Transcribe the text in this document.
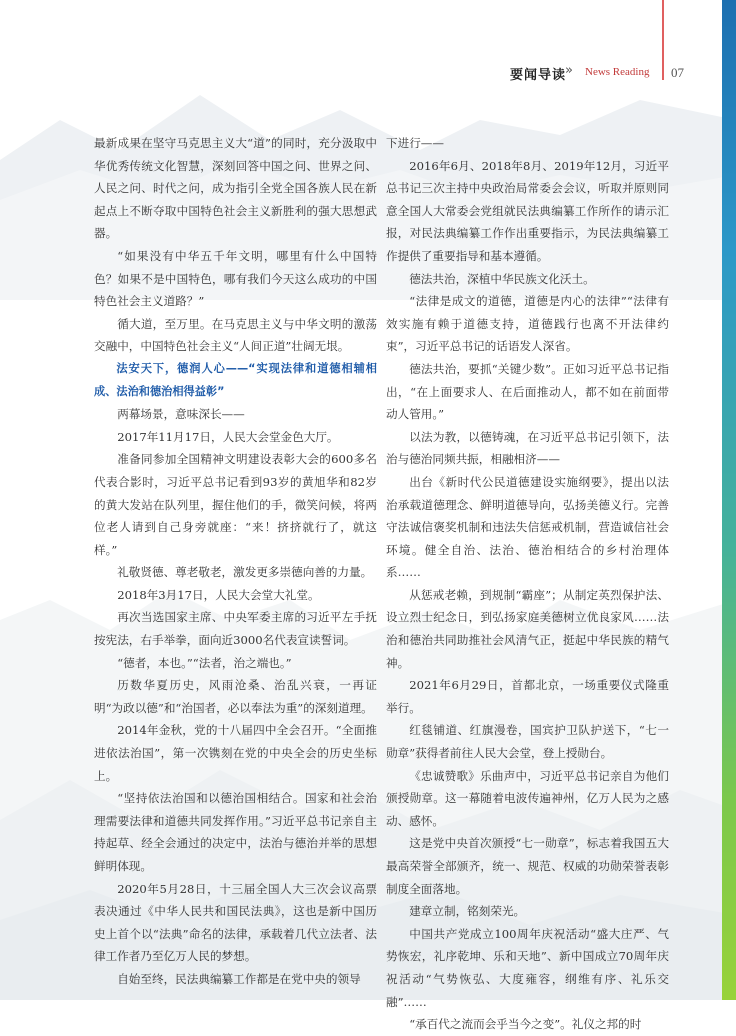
要闻导读
» News Reading 07

最新成果在坚守马克思主义大“道”的同时，充分汲取中华优秀传统文化智慧，深刻回答中国之问、世界之问、人民之问、时代之问，成为指引全党全国各族人民在新起点上不断夺取中国特色社会主义新胜利的强大思想武器。

“如果没有中华五千年文明，哪里有什么中国特色？如果不是中国特色，哪有我们今天这么成功的中国特色社会主义道路？”

循大道，至万里。在马克思主义与中华文明的激荡交融中，中国特色社会主义“人间正道”壮阔无垠。

法安天下，德润人心——“实现法律和道德相辅相成、法治和德治相得益彰”

两幕场景，意味深长——

2017年11月17日，人民大会堂金色大厅。

准备同参加全国精神文明建设表彰大会的600多名代表合影时，习近平总书记看到93岁的黄旭华和82岁的黄大发站在队列里，握住他们的手，微笑问候，将两位老人请到自己身旁就座：“来！挤挤就行了，就这样。”

礼敬贤德、尊老敬老，激发更多崇德向善的力量。

2018年3月17日，人民大会堂大礼堂。

再次当选国家主席、中央军委主席的习近平左手抚按宪法，右手举拳，面向近3000名代表宣读誓词。

“德者，本也。”“法者，治之端也。”

历数华夏历史，风雨沧桑、治乱兴衰，一再证明“为政以德”和“治国者，必以奉法为重”的深刻道理。

2014年金秋，党的十八届四中全会召开。“全面推进依法治国”，第一次镌刻在党的中央全会的历史坐标上。

“坚持依法治国和以德治国相结合。国家和社会治理需要法律和道德共同发挥作用。”习近平总书记亲自主持起草、经全会通过的决定中，法治与德治并举的思想鲜明体现。

2020年5月28日，十三届全国人大三次会议高票表决通过《中华人民共和国民法典》，这也是新中国历史上首个以“法典”命名的法律，承载着几代立法者、法律工作者乃至亿万人民的梦想。

自始至终，民法典编纂工作都是在党中央的领导

下进行——

2016年6月、2018年8月、2019年12月，习近平总书记三次主持中央政治局常委会会议，听取并原则同意全国人大常委会党组就民法典编纂工作所作的请示汇报，对民法典编纂工作作出重要指示，为民法典编纂工作提供了重要指导和基本遵循。

德法共治，深植中华民族文化沃土。

“法律是成文的道德，道德是内心的法律”“法律有效实施有赖于道德支持，道德践行也离不开法律约束”，习近平总书记的话语发人深省。

德法共治，要抓“关键少数”。正如习近平总书记指出，“在上面要求人、在后面推动人，都不如在前面带动人管用。”

以法为教，以德铸魂，在习近平总书记引领下，法治与德治同频共振，相融相济——

出台《新时代公民道德建设实施纲要》，提出以法治承载道德理念、鲜明道德导向，弘扬美德义行。完善守法诚信褒奖机制和违法失信惩戒机制，营造诚信社会环境。健全自治、法治、德治相结合的乡村治理体系……

从惩戒老赖，到规制“霸座”；从制定英烈保护法、设立烈士纪念日，到弘扬家庭美德树立优良家风……法治和德治共同助推社会风清气正，挺起中华民族的精气神。

2021年6月29日，首都北京，一场重要仪式隆重举行。

红毯铺道、红旗漫卷，国宾护卫队护送下，“七一勋章”获得者前往人民大会堂，登上授勋台。

《忠诚赞歌》乐曲声中，习近平总书记亲自为他们颁授勋章。这一幕随着电波传遍神州，亿万人民为之感动、感怀。

这是党中央首次颁授“七一勋章”，标志着我国五大最高荣誉全部颁齐，统一、规范、权威的功勋荣誉表彰制度全面落地。

建章立制，铭刻荣光。

中国共产党成立100周年庆祝活动“盛大庄严、气势恢宏，礼序乾坤、乐和天地”、新中国成立70周年庆祝活动“气势恢弘、大度雍容，纲维有序、礼乐交融”……

“承百代之流而会乎当今之变”。礼仪之邦的时
